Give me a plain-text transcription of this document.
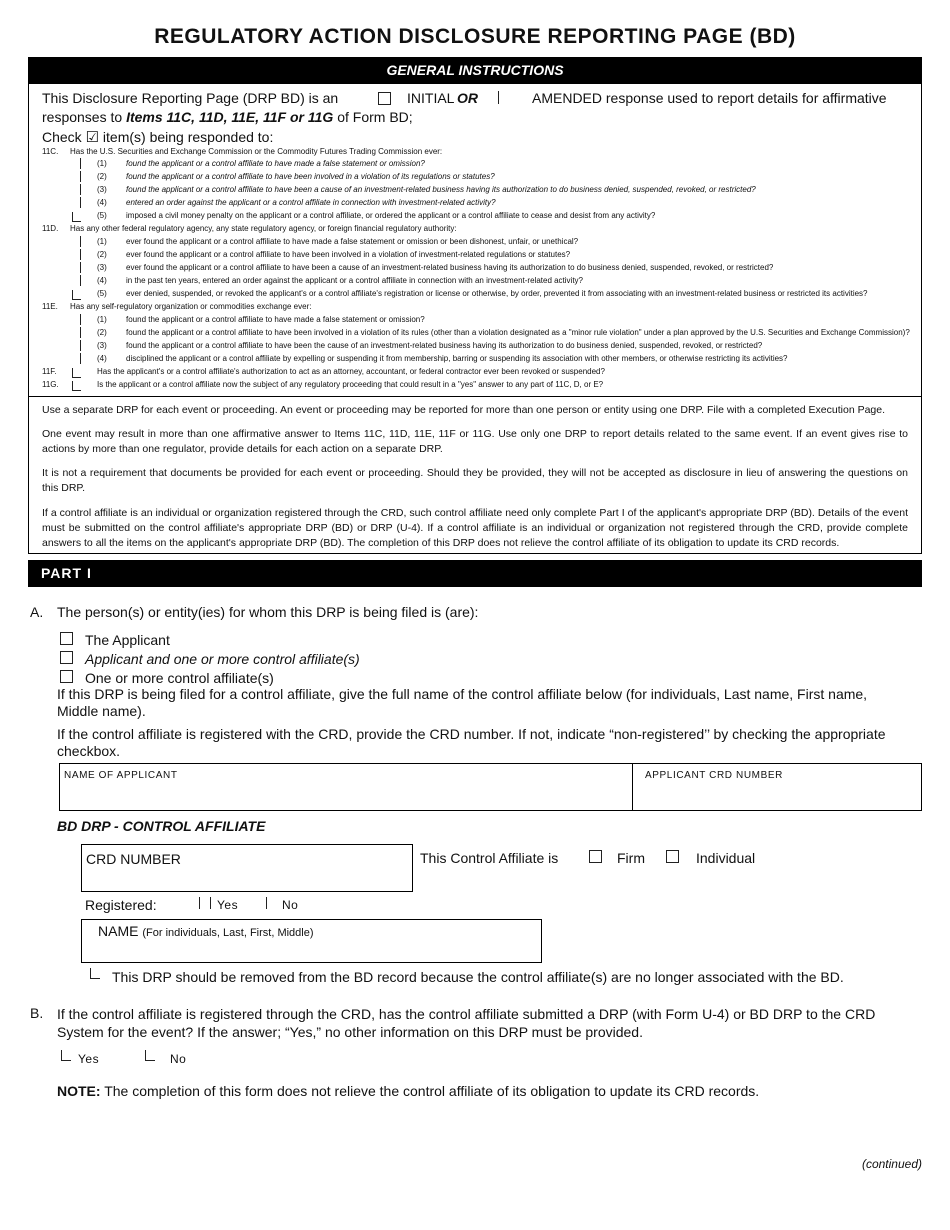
REGULATORY ACTION DISCLOSURE REPORTING PAGE (BD)
GENERAL INSTRUCTIONS
This Disclosure Reporting Page (DRP BD) is an	INITIAL OR	AMENDED response used to report details for affirmative
responses to Items 11C, 11D, 11E, 11F or 11G of Form BD;
Check ☑ item(s) being responded to:
11C. Has the U.S. Securities and Exchange Commission or the Commodity Futures Trading Commission ever:
(1) found the applicant or a control affiliate to have made a false statement or omission?
(2) found the applicant or a control affiliate to have been involved in a violation of its regulations or statutes?
(3) found the applicant or a control affiliate to have been a cause of an investment-related business having its authorization to do business denied, suspended, revoked, or restricted?
(4) entered an order against the applicant or a control affiliate in connection with investment-related activity?
(5) imposed a civil money penalty on the applicant or a control affiliate, or ordered the applicant or a control affiliate to cease and desist from any activity?
11D. Has any other federal regulatory agency, any state regulatory agency, or foreign financial regulatory authority:
(1) ever found the applicant or a control affiliate to have made a false statement or omission or been dishonest, unfair, or unethical?
(2) ever found the applicant or a control affiliate to have been involved in a violation of investment-related regulations or statutes?
(3) ever found the applicant or a control affiliate to have been a cause of an investment-related business having its authorization to do business denied, suspended, revoked, or restricted?
(4) in the past ten years, entered an order against the applicant or a control affiliate in connection with an investment-related activity?
(5) ever denied, suspended, or revoked the applicant's or a control affiliate's registration or license or otherwise, by order, prevented it from associating with an investment-related business or restricted its activities?
11E. Has any self-regulatory organization or commodities exchange ever:
(1) found the applicant or a control affiliate to have made a false statement or omission?
(2) found the applicant or a control affiliate to have been involved in a violation of its rules (other than a violation designated as a "minor rule violation" under a plan approved by the U.S. Securities and Exchange Commission)?
(3) found the applicant or a control affiliate to have been the cause of an investment-related business having its authorization to do business denied, suspended, revoked, or restricted?
(4) disciplined the applicant or a control affiliate by expelling or suspending it from membership, barring or suspending its association with other members, or otherwise restricting its activities?
11F.	Has the applicant's or a control affiliate's authorization to act as an attorney, accountant, or federal contractor ever been revoked or suspended?
11G.	Is the applicant or a control affiliate now the subject of any regulatory proceeding that could result in a "yes" answer to any part of 11C, D, or E?
Use a separate DRP for each event or proceeding. An event or proceeding may be reported for more than one person or entity using one DRP. File with a completed Execution Page.
One event may result in more than one affirmative answer to Items 11C, 11D, 11E, 11F or 11G. Use only one DRP to report details related to the same event. If an event gives rise to actions by more than one regulator, provide details for each action on a separate DRP.
It is not a requirement that documents be provided for each event or proceeding. Should they be provided, they will not be accepted as disclosure in lieu of answering the questions on this DRP.
If a control affiliate is an individual or organization registered through the CRD, such control affiliate need only complete Part I of the applicant's appropriate DRP (BD). Details of the event must be submitted on the control affiliate's appropriate DRP (BD) or DRP (U-4). If a control affiliate is an individual or organization not registered through the CRD, provide complete answers to all the items on the applicant's appropriate DRP (BD). The completion of this DRP does not relieve the control affiliate of its obligation to update its CRD records.
PART I
A. The person(s) or entity(ies) for whom this DRP is being filed is (are):
The Applicant
Applicant and one or more control affiliate(s)
One or more control affiliate(s)
If this DRP is being filed for a control affiliate, give the full name of the control affiliate below (for individuals, Last name, First name, Middle name).
If the control affiliate is registered with the CRD, provide the CRD number. If not, indicate “non-registered’’ by checking the appropriate checkbox.
NAME OF APPLICANT	APPLICANT CRD NUMBER
BD DRP - CONTROL AFFILIATE
CRD NUMBER	This Control Affiliate is	Firm	Individual
Registered:	Yes	No
NAME (For individuals, Last, First, Middle)
This DRP should be removed from the BD record because the control affiliate(s) are no longer associated with the BD.
B. If the control affiliate is registered through the CRD, has the control affiliate submitted a DRP (with Form U-4) or BD DRP to the CRD System for the event? If the answer; “Yes,” no other information on this DRP must be provided.
Yes	No
NOTE: The completion of this form does not relieve the control affiliate of its obligation to update its CRD records.
(continued)
